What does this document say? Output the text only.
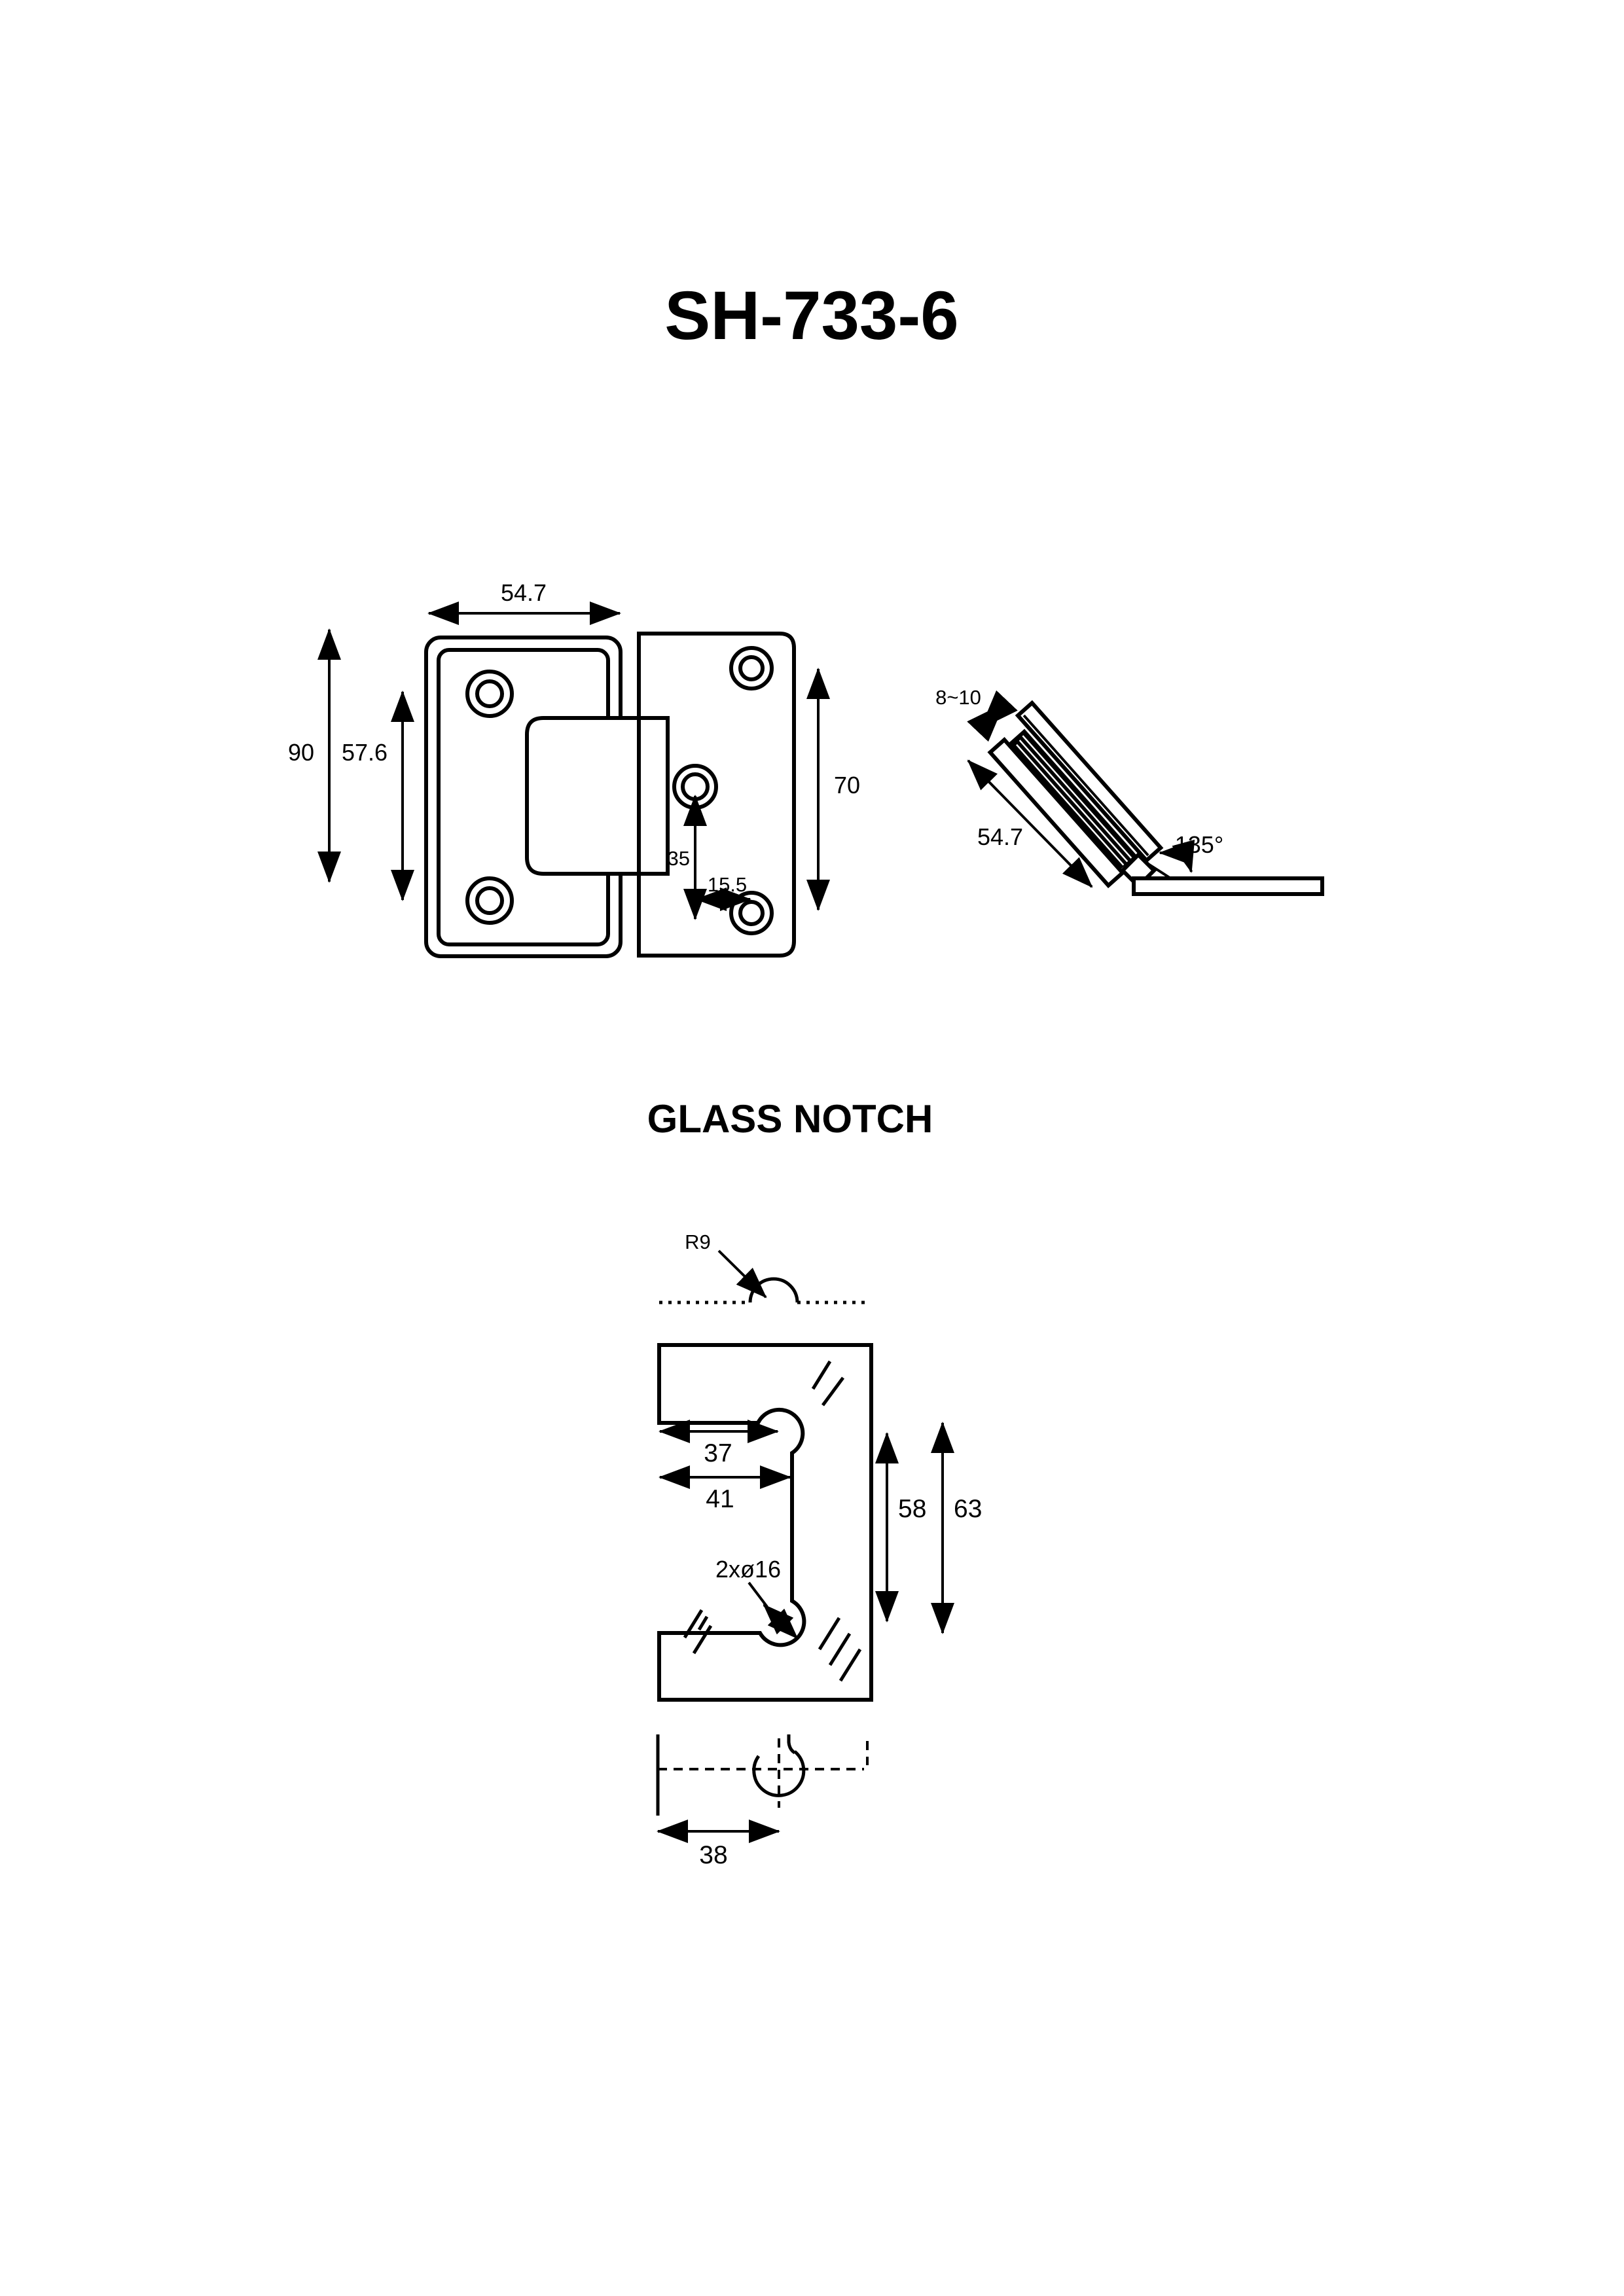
SH-733-6
54.7
90 57.6
70
35
15.5
135°
8~10
54.7
GLASS NOTCH
R9
37
41
2xø16
58 63
38
